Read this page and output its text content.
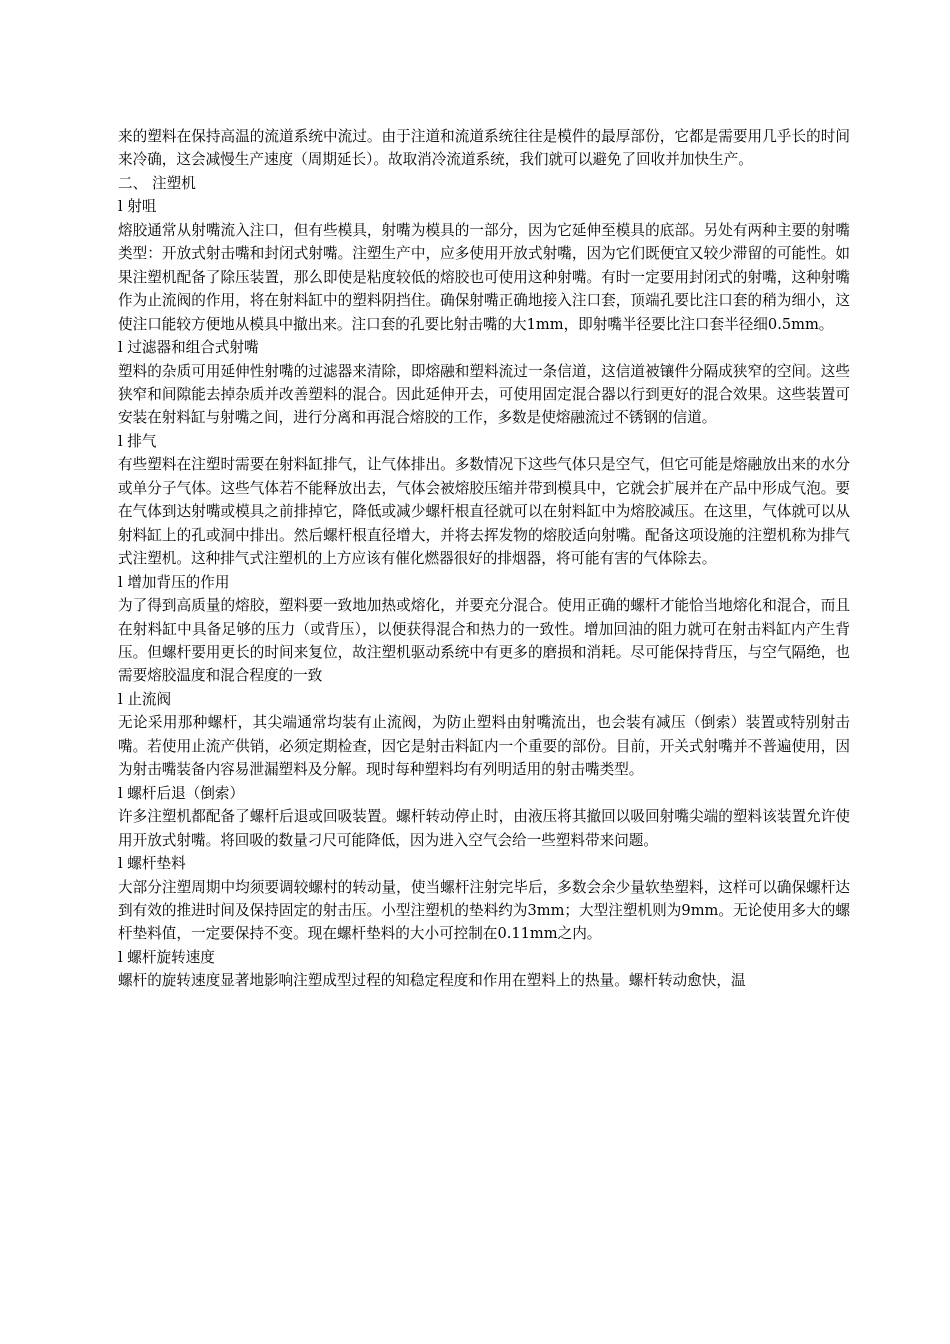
来的塑料在保持高温的流道系统中流过。由于注道和流道系统往往是模件的最厚部份，它都是需要用几乎长的时间来冷确，这会减慢生产速度（周期延长）。故取消冷流道系统，我们就可以避免了回收并加快生产。

二、 注塑机

l 射咀

熔胶通常从射嘴流入注口，但有些模具，射嘴为模具的一部分，因为它延伸至模具的底部。另处有两种主要的射嘴类型：开放式射击嘴和封闭式射嘴。注塑生产中，应多使用开放式射嘴，因为它们既便宜又较少滞留的可能性。如果注塑机配备了除压装置，那么即使是粘度较低的熔胶也可使用这种射嘴。有时一定要用封闭式的射嘴，这种射嘴作为止流阀的作用，将在射料缸中的塑料阴挡住。确保射嘴正确地接入注口套，顶端孔要比注口套的稍为细小，这使注口能较方便地从模具中撤出来。注口套的孔要比射击嘴的大1mm，即射嘴半径要比注口套半径细0.5mm。

l 过滤器和组合式射嘴

塑料的杂质可用延伸性射嘴的过滤器来清除，即熔融和塑料流过一条信道，这信道被镶件分隔成狭窄的空间。这些狭窄和间隙能去掉杂质并改善塑料的混合。因此延伸开去，可使用固定混合器以行到更好的混合效果。这些装置可安装在射料缸与射嘴之间，进行分离和再混合熔胶的工作，多数是使熔融流过不锈钢的信道。

l 排气

有些塑料在注塑时需要在射料缸排气，让气体排出。多数情况下这些气体只是空气，但它可能是熔融放出来的水分或单分子气体。这些气体若不能释放出去，气体会被熔胶压缩并带到模具中，它就会扩展并在产品中形成气泡。要在气体到达射嘴或模具之前排掉它，降低或减少螺杆根直径就可以在射料缸中为熔胶减压。在这里，气体就可以从射料缸上的孔或洞中排出。然后螺杆根直径增大，并将去挥发物的熔胶适向射嘴。配备这项设施的注塑机称为排气式注塑机。这种排气式注塑机的上方应该有催化燃器很好的排烟器，将可能有害的气体除去。

l 增加背压的作用

为了得到高质量的熔胶，塑料要一致地加热或熔化，并要充分混合。使用正确的螺杆才能恰当地熔化和混合，而且在射料缸中具备足够的压力（或背压），以便获得混合和热力的一致性。增加回油的阻力就可在射击料缸内产生背压。但螺杆要用更长的时间来复位，故注塑机驱动系统中有更多的磨损和消耗。尽可能保持背压，与空气隔绝，也需要熔胶温度和混合程度的一致

l 止流阀

无论采用那种螺杆，其尖端通常均装有止流阀，为防止塑料由射嘴流出，也会装有减压（倒索）装置或特别射击嘴。若使用止流产供销，必须定期检查，因它是射击料缸内一个重要的部份。目前，开关式射嘴并不普遍使用，因为射击嘴装备内容易泄漏塑料及分解。现时每种塑料均有列明适用的射击嘴类型。

l 螺杆后退（倒索）

许多注塑机都配备了螺杆后退或回吸装置。螺杆转动停止时，由液压将其撤回以吸回射嘴尖端的塑料该装置允许使用开放式射嘴。将回吸的数量刁尺可能降低，因为进入空气会给一些塑料带来问题。

l 螺杆垫料

大部分注塑周期中均须要调较螺村的转动量，使当螺杆注射完毕后，多数会余少量软垫塑料，这样可以确保螺杆达到有效的推进时间及保持固定的射击压。小型注塑机的垫料约为3mm；大型注塑机则为9mm。无论使用多大的螺杆垫料值，一定要保持不变。现在螺杆垫料的大小可控制在0.11mm之内。

l 螺杆旋转速度

螺杆的旋转速度显著地影响注塑成型过程的知稳定程度和作用在塑料上的热量。螺杆转动愈快，温
